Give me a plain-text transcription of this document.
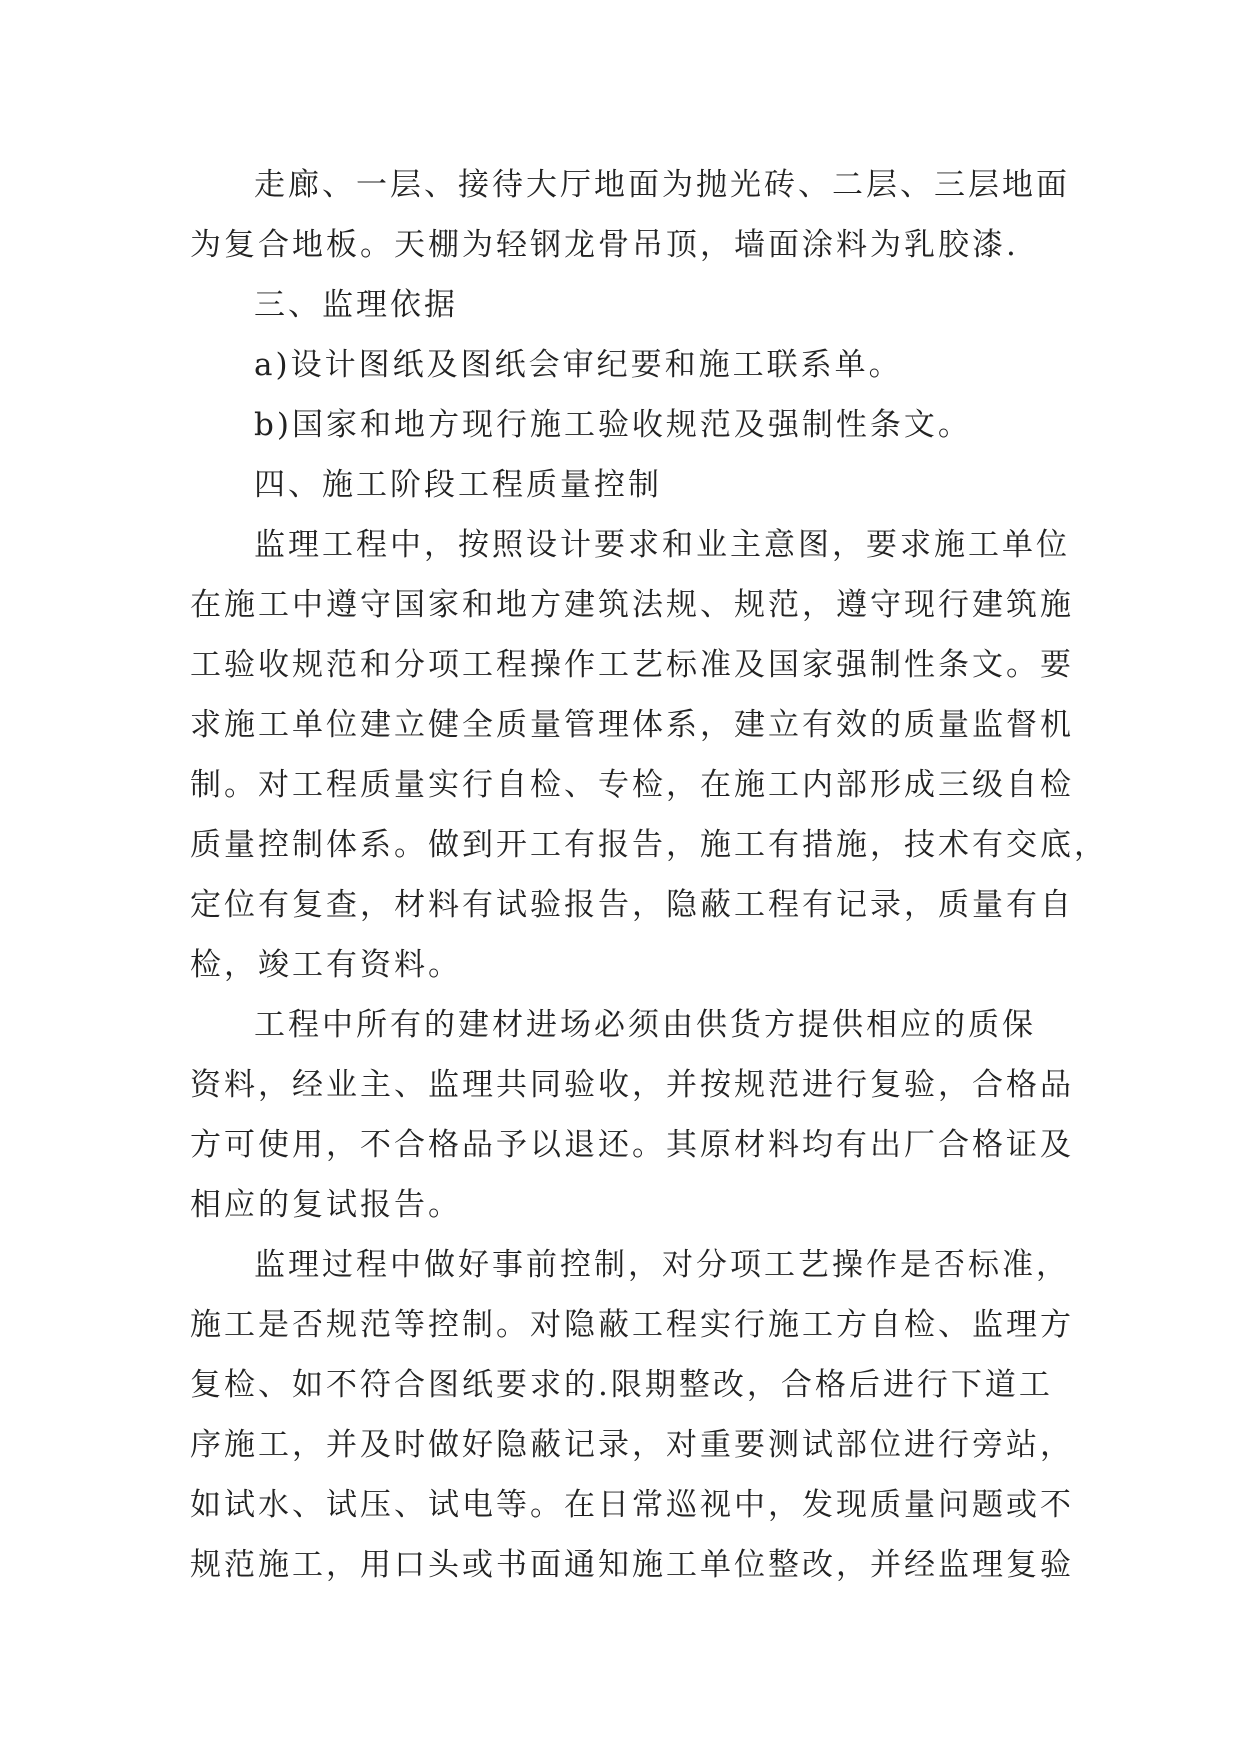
走廊、一层、接待大厅地面为抛光砖、二层、三层地面
为复合地板。天棚为轻钢龙骨吊顶，墙面涂料为乳胶漆.

三、监理依据

a)设计图纸及图纸会审纪要和施工联系单。

b)国家和地方现行施工验收规范及强制性条文。

四、施工阶段工程质量控制

监理工程中，按照设计要求和业主意图，要求施工单位
在施工中遵守国家和地方建筑法规、规范，遵守现行建筑施
工验收规范和分项工程操作工艺标准及国家强制性条文。要
求施工单位建立健全质量管理体系，建立有效的质量监督机
制。对工程质量实行自检、专检，在施工内部形成三级自检
质量控制体系。做到开工有报告，施工有措施，技术有交底，
定位有复查，材料有试验报告，隐蔽工程有记录，质量有自
检，竣工有资料。

工程中所有的建材进场必须由供货方提供相应的质保
资料，经业主、监理共同验收，并按规范进行复验，合格品
方可使用，不合格品予以退还。其原材料均有出厂合格证及
相应的复试报告。

监理过程中做好事前控制，对分项工艺操作是否标准，
施工是否规范等控制。对隐蔽工程实行施工方自检、监理方
复检、如不符合图纸要求的.限期整改，合格后进行下道工
序施工，并及时做好隐蔽记录，对重要测试部位进行旁站，
如试水、试压、试电等。在日常巡视中，发现质量问题或不
规范施工，用口头或书面通知施工单位整改，并经监理复验
